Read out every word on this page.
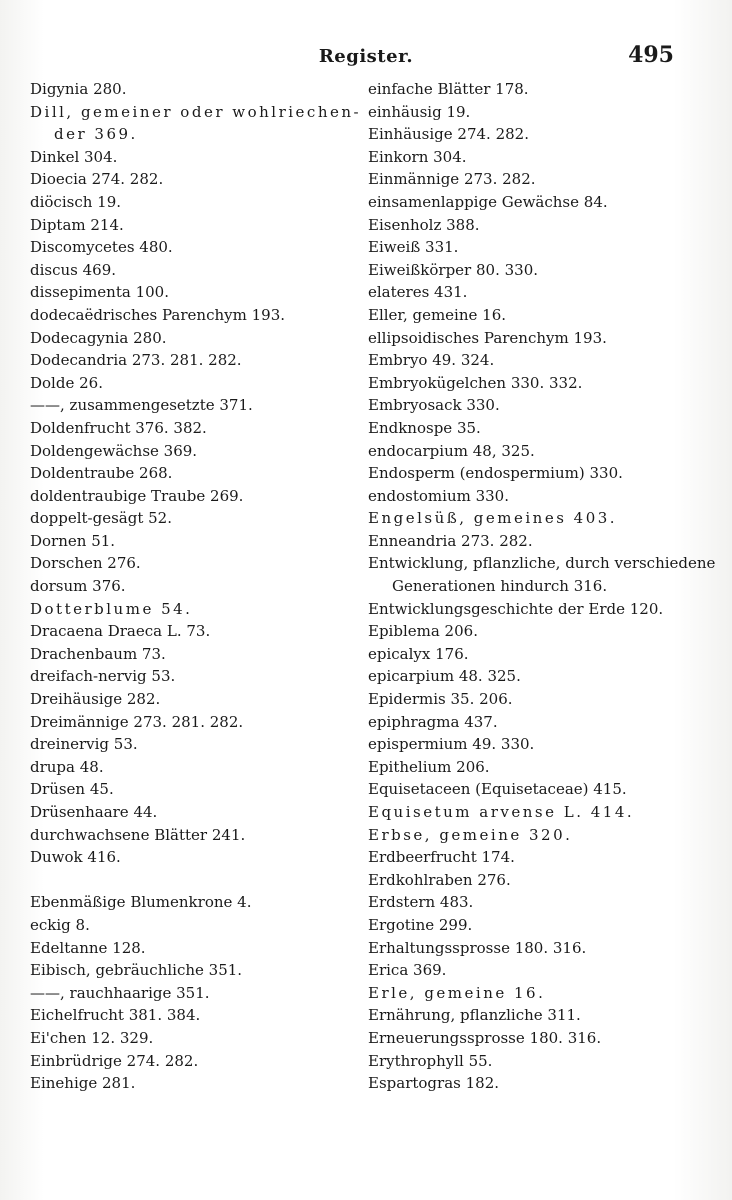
Register.	495
Digynia 280.
Dill, gemeiner oder wohlriechen-
der 369.
Dinkel 304.
Dioecia 274. 282.
diöcisch 19.
Diptam 214.
Discomycetes 480.
discus 469.
dissepimenta 100.
dodecaëdrisches Parenchym 193.
Dodecagynia 280.
Dodecandria 273. 281. 282.
Dolde 26.
——, zusammengesetzte 371.
Doldenfrucht 376. 382.
Doldengewächse 369.
Doldentraube 268.
doldentraubige Traube 269.
doppelt-gesägt 52.
Dornen 51.
Dorschen 276.
dorsum 376.
Dotterblume 54.
Dracaena Draeca L. 73.
Drachenbaum 73.
dreifach-nervig 53.
Dreihäusige 282.
Dreimännige 273. 281. 282.
dreinervig 53.
drupa 48.
Drüsen 45.
Drüsenhaare 44.
durchwachsene Blätter 241.
Duwok 416.
Ebenmäßige Blumenkrone 4.
eckig 8.
Edeltanne 128.
Eibisch, gebräuchliche 351.
——, rauchhaarige 351.
Eichelfrucht 381. 384.
Ei'chen 12. 329.
Einbrüdrige 274. 282.
Einehige 281.
einfache Blätter 178.
einhäusig 19.
Einhäusige 274. 282.
Einkorn 304.
Einmännige 273. 282.
einsamenlappige Gewächse 84.
Eisenholz 388.
Eiweiß 331.
Eiweißkörper 80. 330.
elateres 431.
Eller, gemeine 16.
ellipsoidisches Parenchym 193.
Embryo 49. 324.
Embryokügelchen 330. 332.
Embryosack 330.
Endknospe 35.
endocarpium 48, 325.
Endosperm (endospermium) 330.
endostomium 330.
Engelsüß, gemeines 403.
Enneandria 273. 282.
Entwicklung, pflanzliche, durch verschiedene
Generationen hindurch 316.
Entwicklungsgeschichte der Erde 120.
Epiblema 206.
epicalyx 176.
epicarpium 48. 325.
Epidermis 35. 206.
epiphragma 437.
epispermium 49. 330.
Epithelium 206.
Equisetaceen (Equisetaceae) 415.
Equisetum arvense L. 414.
Erbse, gemeine 320.
Erdbeerfrucht 174.
Erdkohlraben 276.
Erdstern 483.
Ergotine 299.
Erhaltungssprosse 180. 316.
Erica 369.
Erle, gemeine 16.
Ernährung, pflanzliche 311.
Erneuerungssprosse 180. 316.
Erythrophyll 55.
Espartogras 182.
